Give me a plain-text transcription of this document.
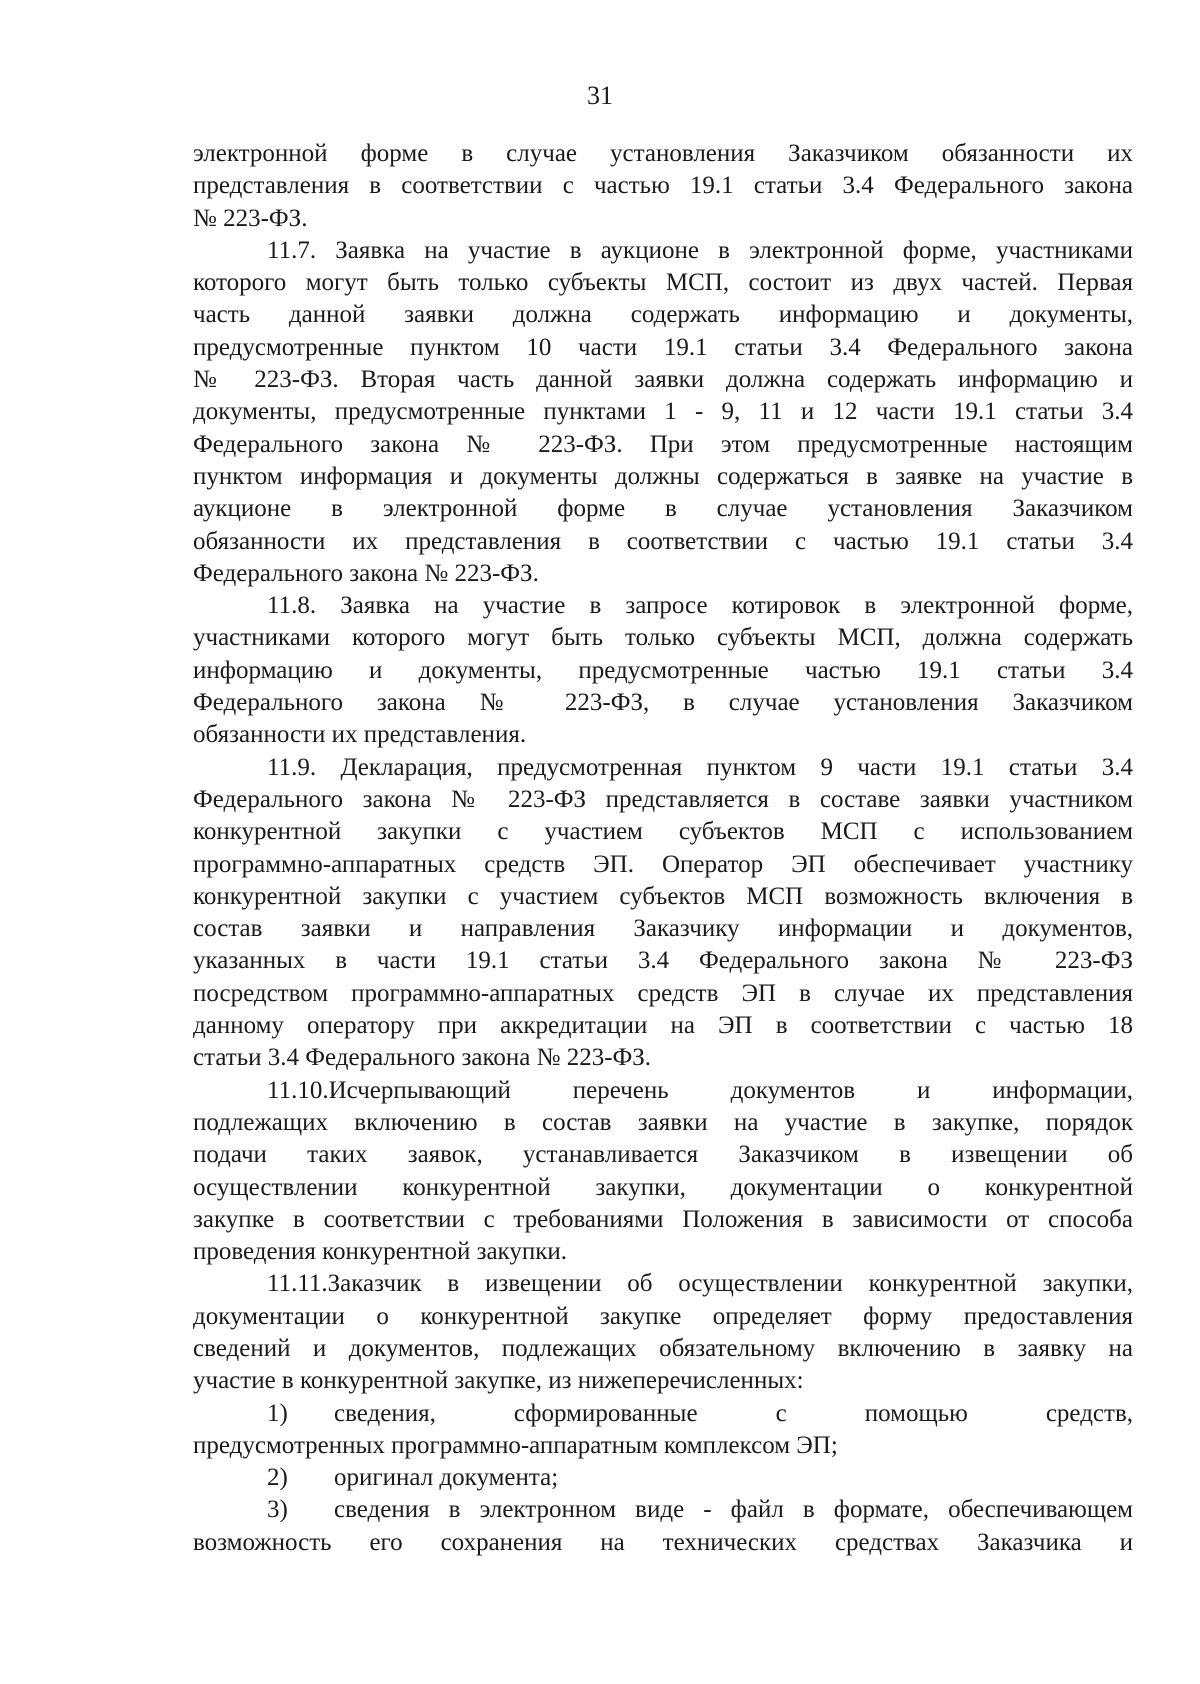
31
электронной форме в случае установления Заказчиком обязанности их
представления в соответствии с частью 19.1 статьи 3.4 Федерального закона
№ 223-ФЗ.
11.7. Заявка на участие в аукционе в электронной форме, участниками
которого могут быть только субъекты МСП, состоит из двух частей. Первая
часть данной заявки должна содержать информацию и документы,
предусмотренные пунктом 10 части 19.1 статьи 3.4 Федерального закона
№ 223-ФЗ. Вторая часть данной заявки должна содержать информацию и
документы, предусмотренные пунктами 1 - 9, 11 и 12 части 19.1 статьи 3.4
Федерального закона № 223-ФЗ. При этом предусмотренные настоящим
пунктом информация и документы должны содержаться в заявке на участие в
аукционе в электронной форме в случае установления Заказчиком
обязанности их представления в соответствии с частью 19.1 статьи 3.4
Федерального закона № 223-ФЗ.
11.8. Заявка на участие в запросе котировок в электронной форме,
участниками которого могут быть только субъекты МСП, должна содержать
информацию и документы, предусмотренные частью 19.1 статьи 3.4
Федерального закона № 223-ФЗ, в случае установления Заказчиком
обязанности их представления.
11.9. Декларация, предусмотренная пунктом 9 части 19.1 статьи 3.4
Федерального закона № 223-ФЗ представляется в составе заявки участником
конкурентной закупки с участием субъектов МСП с использованием
программно-аппаратных средств ЭП. Оператор ЭП обеспечивает участнику
конкурентной закупки с участием субъектов МСП возможность включения в
состав заявки и направления Заказчику информации и документов,
указанных в части 19.1 статьи 3.4 Федерального закона № 223-ФЗ
посредством программно-аппаратных средств ЭП в случае их представления
данному оператору при аккредитации на ЭП в соответствии с частью 18
статьи 3.4 Федерального закона № 223-ФЗ.
11.10.Исчерпывающий перечень документов и информации,
подлежащих включению в состав заявки на участие в закупке, порядок
подачи таких заявок, устанавливается Заказчиком в извещении об
осуществлении конкурентной закупки, документации о конкурентной
закупке в соответствии с требованиями Положения в зависимости от способа
проведения конкурентной закупки.
11.11.Заказчик в извещении об осуществлении конкурентной закупки,
документации о конкурентной закупке определяет форму предоставления
сведений и документов, подлежащих обязательному включению в заявку на
участие в конкурентной закупке, из нижеперечисленных:
1)	сведения, сформированные с помощью средств,
предусмотренных программно-аппаратным комплексом ЭП;
2)	оригинал документа;
3)	сведения в электронном виде - файл в формате, обеспечивающем
возможность его сохранения на технических средствах Заказчика и
